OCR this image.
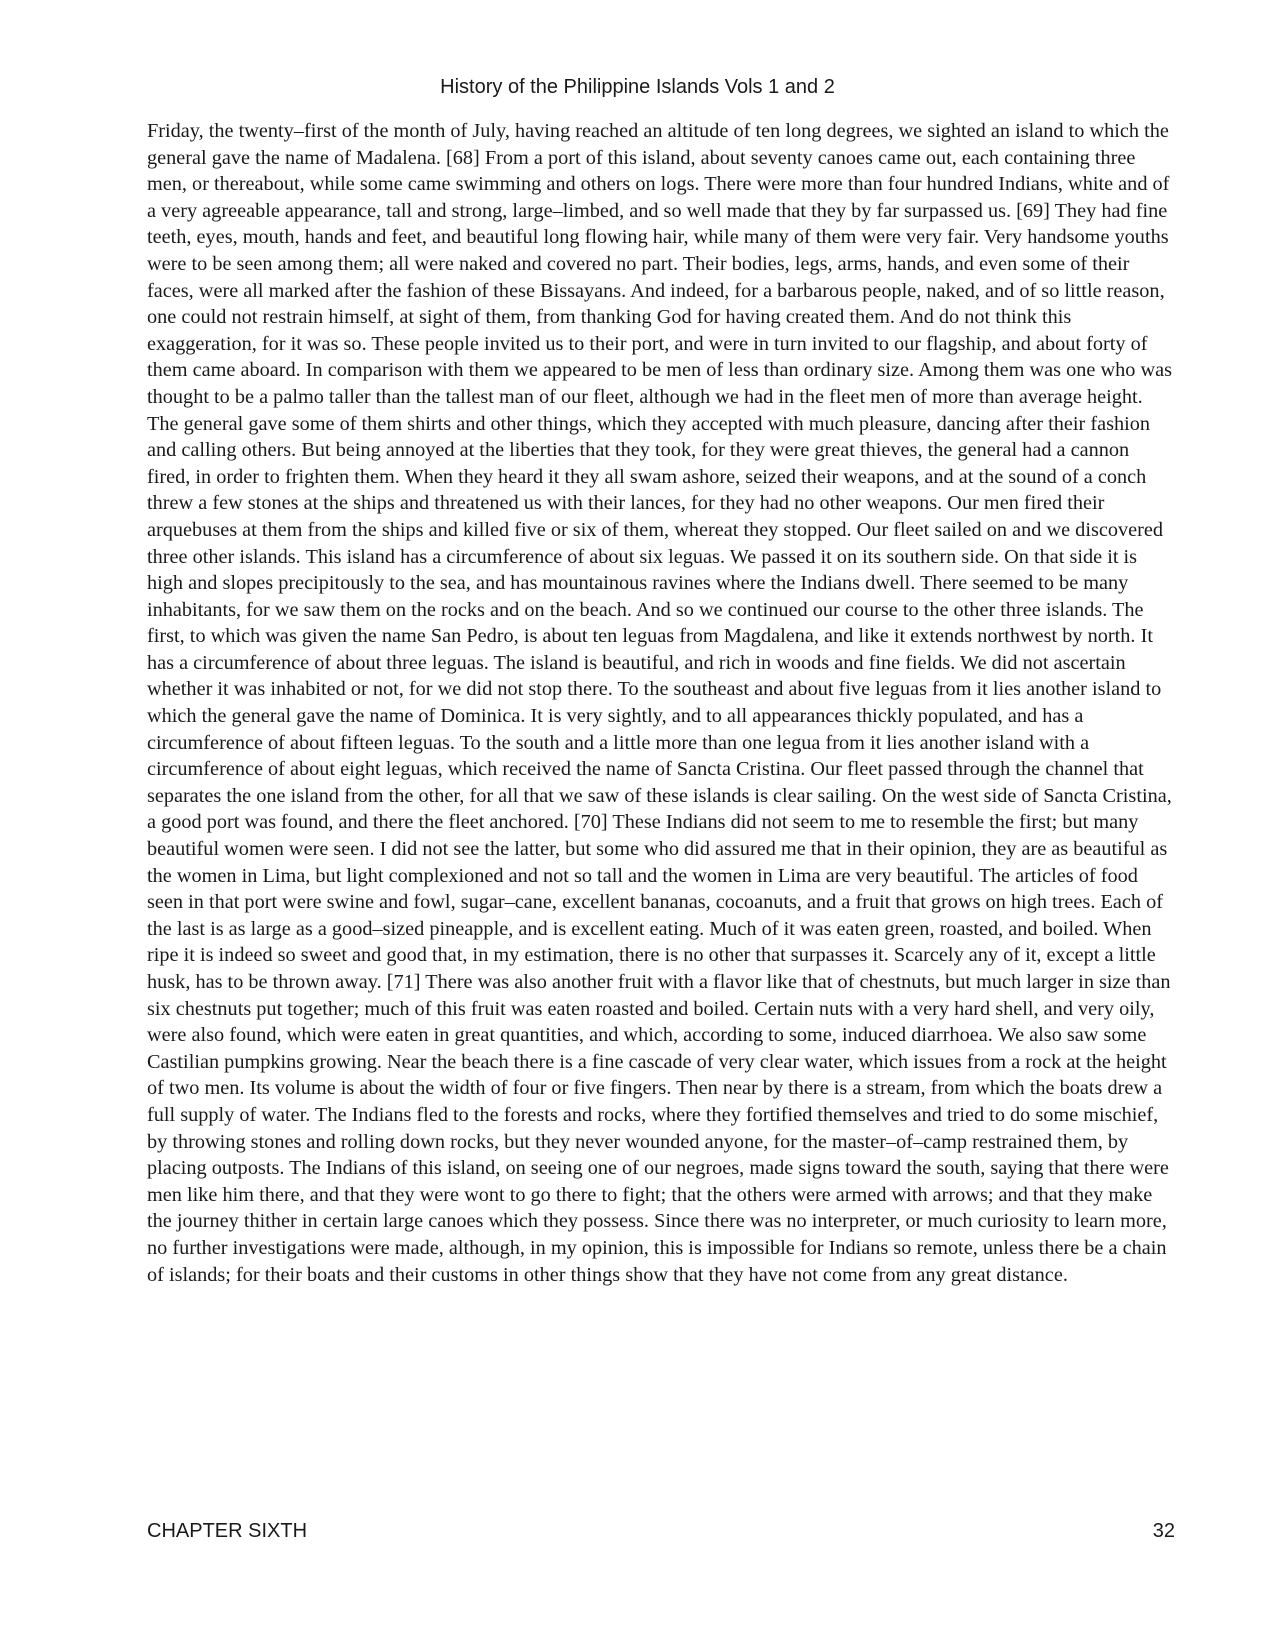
History of the Philippine Islands Vols 1 and 2

Friday, the twenty–first of the month of July, having reached an altitude of ten long degrees, we sighted an island to which the general gave the name of Madalena. [68] From a port of this island, about seventy canoes came out, each containing three men, or thereabout, while some came swimming and others on logs. There were more than four hundred Indians, white and of a very agreeable appearance, tall and strong, large–limbed, and so well made that they by far surpassed us. [69] They had fine teeth, eyes, mouth, hands and feet, and beautiful long flowing hair, while many of them were very fair. Very handsome youths were to be seen among them; all were naked and covered no part. Their bodies, legs, arms, hands, and even some of their faces, were all marked after the fashion of these Bissayans. And indeed, for a barbarous people, naked, and of so little reason, one could not restrain himself, at sight of them, from thanking God for having created them. And do not think this exaggeration, for it was so. These people invited us to their port, and were in turn invited to our flagship, and about forty of them came aboard. In comparison with them we appeared to be men of less than ordinary size. Among them was one who was thought to be a palmo taller than the tallest man of our fleet, although we had in the fleet men of more than average height. The general gave some of them shirts and other things, which they accepted with much pleasure, dancing after their fashion and calling others. But being annoyed at the liberties that they took, for they were great thieves, the general had a cannon fired, in order to frighten them. When they heard it they all swam ashore, seized their weapons, and at the sound of a conch threw a few stones at the ships and threatened us with their lances, for they had no other weapons. Our men fired their arquebuses at them from the ships and killed five or six of them, whereat they stopped. Our fleet sailed on and we discovered three other islands. This island has a circumference of about six leguas. We passed it on its southern side. On that side it is high and slopes precipitously to the sea, and has mountainous ravines where the Indians dwell. There seemed to be many inhabitants, for we saw them on the rocks and on the beach. And so we continued our course to the other three islands. The first, to which was given the name San Pedro, is about ten leguas from Magdalena, and like it extends northwest by north. It has a circumference of about three leguas. The island is beautiful, and rich in woods and fine fields. We did not ascertain whether it was inhabited or not, for we did not stop there. To the southeast and about five leguas from it lies another island to which the general gave the name of Dominica. It is very sightly, and to all appearances thickly populated, and has a circumference of about fifteen leguas. To the south and a little more than one legua from it lies another island with a circumference of about eight leguas, which received the name of Sancta Cristina. Our fleet passed through the channel that separates the one island from the other, for all that we saw of these islands is clear sailing. On the west side of Sancta Cristina, a good port was found, and there the fleet anchored. [70] These Indians did not seem to me to resemble the first; but many beautiful women were seen. I did not see the latter, but some who did assured me that in their opinion, they are as beautiful as the women in Lima, but light complexioned and not so tall and the women in Lima are very beautiful. The articles of food seen in that port were swine and fowl, sugar–cane, excellent bananas, cocoanuts, and a fruit that grows on high trees. Each of the last is as large as a good–sized pineapple, and is excellent eating. Much of it was eaten green, roasted, and boiled. When ripe it is indeed so sweet and good that, in my estimation, there is no other that surpasses it. Scarcely any of it, except a little husk, has to be thrown away. [71] There was also another fruit with a flavor like that of chestnuts, but much larger in size than six chestnuts put together; much of this fruit was eaten roasted and boiled. Certain nuts with a very hard shell, and very oily, were also found, which were eaten in great quantities, and which, according to some, induced diarrhoea. We also saw some Castilian pumpkins growing. Near the beach there is a fine cascade of very clear water, which issues from a rock at the height of two men. Its volume is about the width of four or five fingers. Then near by there is a stream, from which the boats drew a full supply of water. The Indians fled to the forests and rocks, where they fortified themselves and tried to do some mischief, by throwing stones and rolling down rocks, but they never wounded anyone, for the master–of–camp restrained them, by placing outposts. The Indians of this island, on seeing one of our negroes, made signs toward the south, saying that there were men like him there, and that they were wont to go there to fight; that the others were armed with arrows; and that they make the journey thither in certain large canoes which they possess. Since there was no interpreter, or much curiosity to learn more, no further investigations were made, although, in my opinion, this is impossible for Indians so remote, unless there be a chain of islands; for their boats and their customs in other things show that they have not come from any great distance.

CHAPTER SIXTH	32
